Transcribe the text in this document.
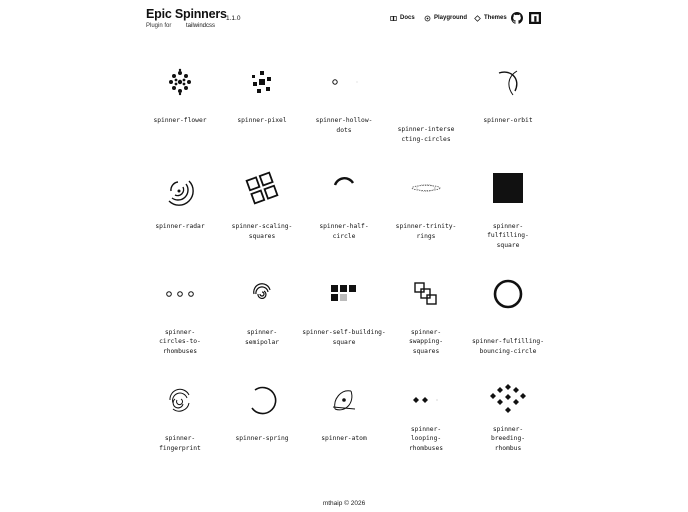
Epic Spinners 1.1.0
Plugin for tailwindcss
Docs	Playground	Themes
spinner-flower	spinner-pixel	spinner-hollow-dots	spinner-intersecting-circles
spinner-orbit
spinner-radar	spinner-scaling-squares
spinner-half-circle
spinner-trinity-rings
spinner-fulfilling-square
spinner-circles-to-rhombuses
spinner-semipolar
spinner-self-building-square
spinner-swapping-squares
spinner-fulfilling-bouncing-circle
spinner-fingerprint
spinner-spring	spinner-atom
spinner-looping-rhombuses
spinner-breeding-rhombus
mthaip © 2026
